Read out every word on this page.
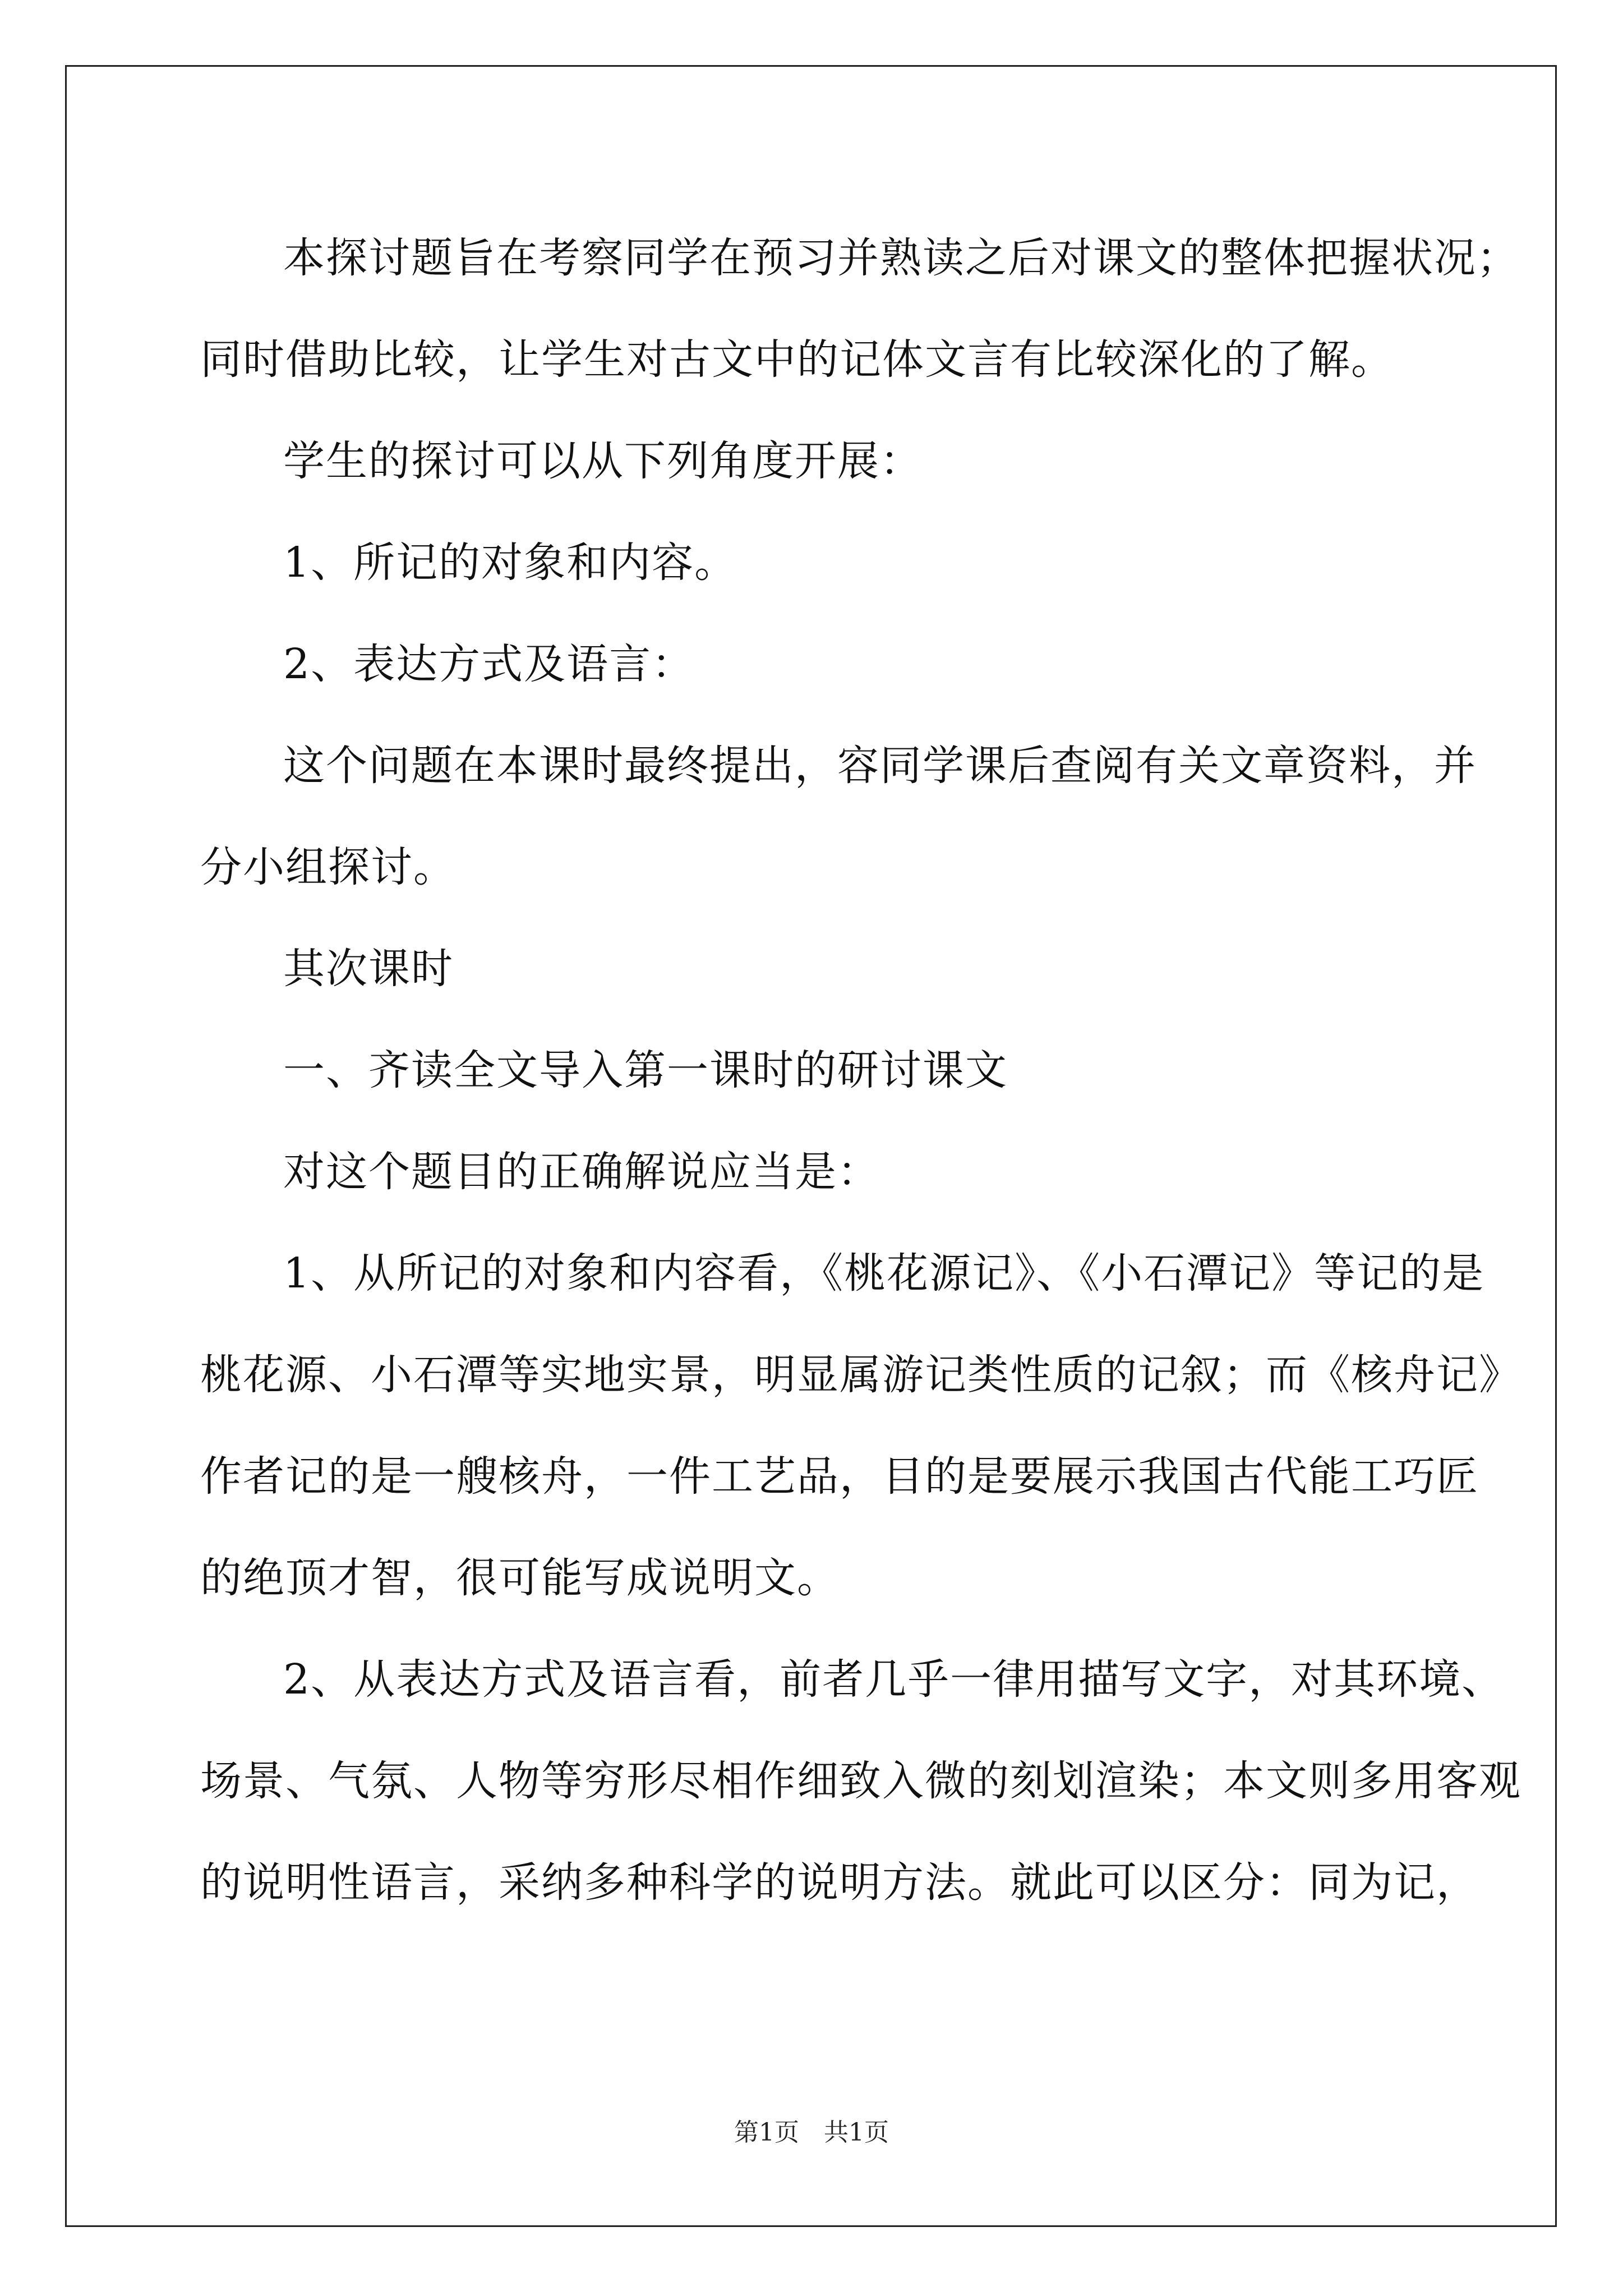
本探讨题旨在考察同学在预习并熟读之后对课文的整体把握状况；

同时借助比较，让学生对古文中的记体文言有比较深化的了解。

学生的探讨可以从下列角度开展：

1、所记的对象和内容。

2、表达方式及语言：

这个问题在本课时最终提出，容同学课后查阅有关文章资料，并

分小组探讨。

其次课时

一、齐读全文导入第一课时的研讨课文

对这个题目的正确解说应当是：

1、从所记的对象和内容看，《桃花源记》、《小石潭记》等记的是

桃花源、小石潭等实地实景，明显属游记类性质的记叙；而《核舟记》

作者记的是一艘核舟，一件工艺品，目的是要展示我国古代能工巧匠

的绝顶才智，很可能写成说明文。

2、从表达方式及语言看，前者几乎一律用描写文字，对其环境、

场景、气氛、人物等穷形尽相作细致入微的刻划渲染；本文则多用客观

的说明性语言，采纳多种科学的说明方法。就此可以区分：同为记，

第1页　共1页
